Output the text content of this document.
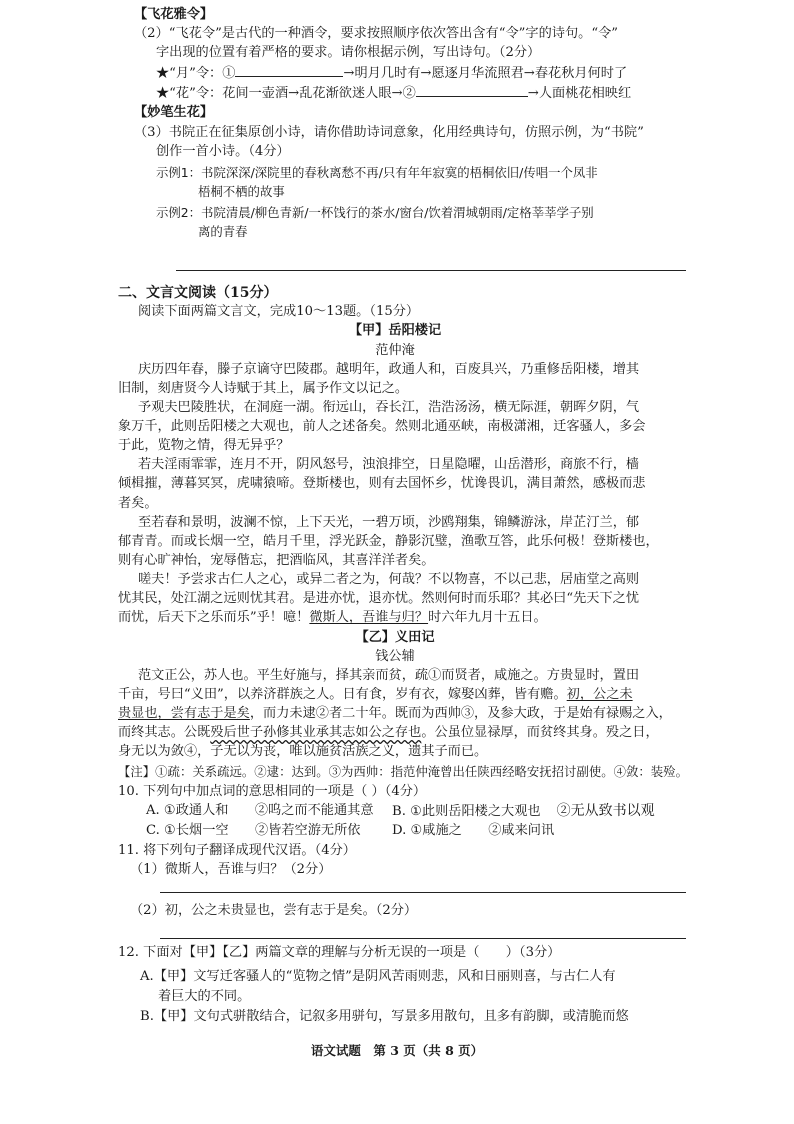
【飞花雅令】
（2）“飞花令”是古代的一种酒令，要求按照顺序依次答出含有“令”字的诗句。“令”
字出现的位置有着严格的要求。请你根据示例，写出诗句。（2分）
★“月”令：①	→明月几时有→愿逐月华流照君→春花秋月何时了
★“花”令：花间一壶酒→乱花渐欲迷人眼→②	→人面桃花相映红
【妙笔生花】
（3）书院正在征集原创小诗，请你借助诗词意象，化用经典诗句，仿照示例，为“书院”
创作一首小诗。（4分）
示例1：书院深深/深院里的春秋离愁不再/只有年年寂寞的梧桐依旧/传唱一个凤非
梧桐不栖的故事
示例2：书院清晨/柳色青新/一杯饯行的茶水/窗台/饮着渭城朝雨/定格莘莘学子别
离的青春
二、文言文阅读（15分）
阅读下面两篇文言文，完成10～13题。（15分）
【甲】岳阳楼记
范仲淹
庆历四年春，滕子京谪守巴陵郡。越明年，政通人和，百废具兴，乃重修岳阳楼，增其
旧制，刻唐贤今人诗赋于其上，属予作文以记之。
予观夫巴陵胜状，在洞庭一湖。衔远山，吞长江，浩浩汤汤，横无际涯，朝晖夕阴，气
象万千，此则岳阳楼之大观也，前人之述备矣。然则北通巫峡，南极潇湘，迁客骚人，多会
于此，览物之情，得无异乎？
若夫淫雨霏霏，连月不开，阴风怒号，浊浪排空，日星隐曜，山岳潜形，商旅不行，樯
倾楫摧，薄暮冥冥，虎啸猿啼。登斯楼也，则有去国怀乡，忧谗畏讥，满目萧然，感极而悲
者矣。
至若春和景明，波澜不惊，上下天光，一碧万顷，沙鸥翔集，锦鳞游泳，岸芷汀兰，郁
郁青青。而或长烟一空，皓月千里，浮光跃金，静影沉璧，渔歌互答，此乐何极！登斯楼也，
则有心旷神怡，宠辱偕忘，把酒临风，其喜洋洋者矣。
嗟夫！予尝求古仁人之心，或异二者之为，何哉？不以物喜，不以己悲，居庙堂之高则
忧其民，处江湖之远则忧其君。是进亦忧，退亦忧。然则何时而乐耶？其必曰“先天下之忧
而忧，后天下之乐而乐”乎！噫！微斯人，吾谁与归？时六年九月十五日。
【乙】义田记
钱公辅
范文正公，苏人也。平生好施与，择其亲而贫，疏①而贤者，咸施之。方贵显时，置田
千亩，号曰“义田”，以养济群族之人。日有食，岁有衣，嫁娶凶葬，皆有赡。初，公之未
贵显也，尝有志于是矣，而力未逮②者二十年。既而为西帅③，及参大政，于是始有禄赐之入，
而终其志。公既殁后世子孙修其业承其志如公之存也。公虽位显禄厚，而贫终其身。殁之日，
身无以为敛④，子无以为丧，唯以施贫活族之义，遗其子而已。
【注】①疏：关系疏远。②逮：达到。③为西帅：指范仲淹曾出任陕西经略安抚招讨副使。④敛：装殓。
10. 下列句中加点词的意思相同的一项是（ ）（4分）
A. ①政通人和　　②呜之而不能通其意 B. ①此则岳阳楼之大观也 ②无从致书以观
C. ①长烟一空　　②皆若空游无所依 D. ①咸施之　　②咸来问讯
11. 将下列句子翻译成现代汉语。（4分）
（1）微斯人，吾谁与归？（2分）
（2）初，公之未贵显也，尝有志于是矣。（2分）
12. 下面对【甲】【乙】两篇文章的理解与分析无误的一项是（　　）（3分）
A.【甲】文写迁客骚人的“览物之情”是阴风苦雨则悲，风和日丽则喜，与古仁人有
着巨大的不同。
B.【甲】文句式骈散结合，记叙多用骈句，写景多用散句，且多有韵脚，或清脆而悠
语文试题　第 3 页（共 8 页）
